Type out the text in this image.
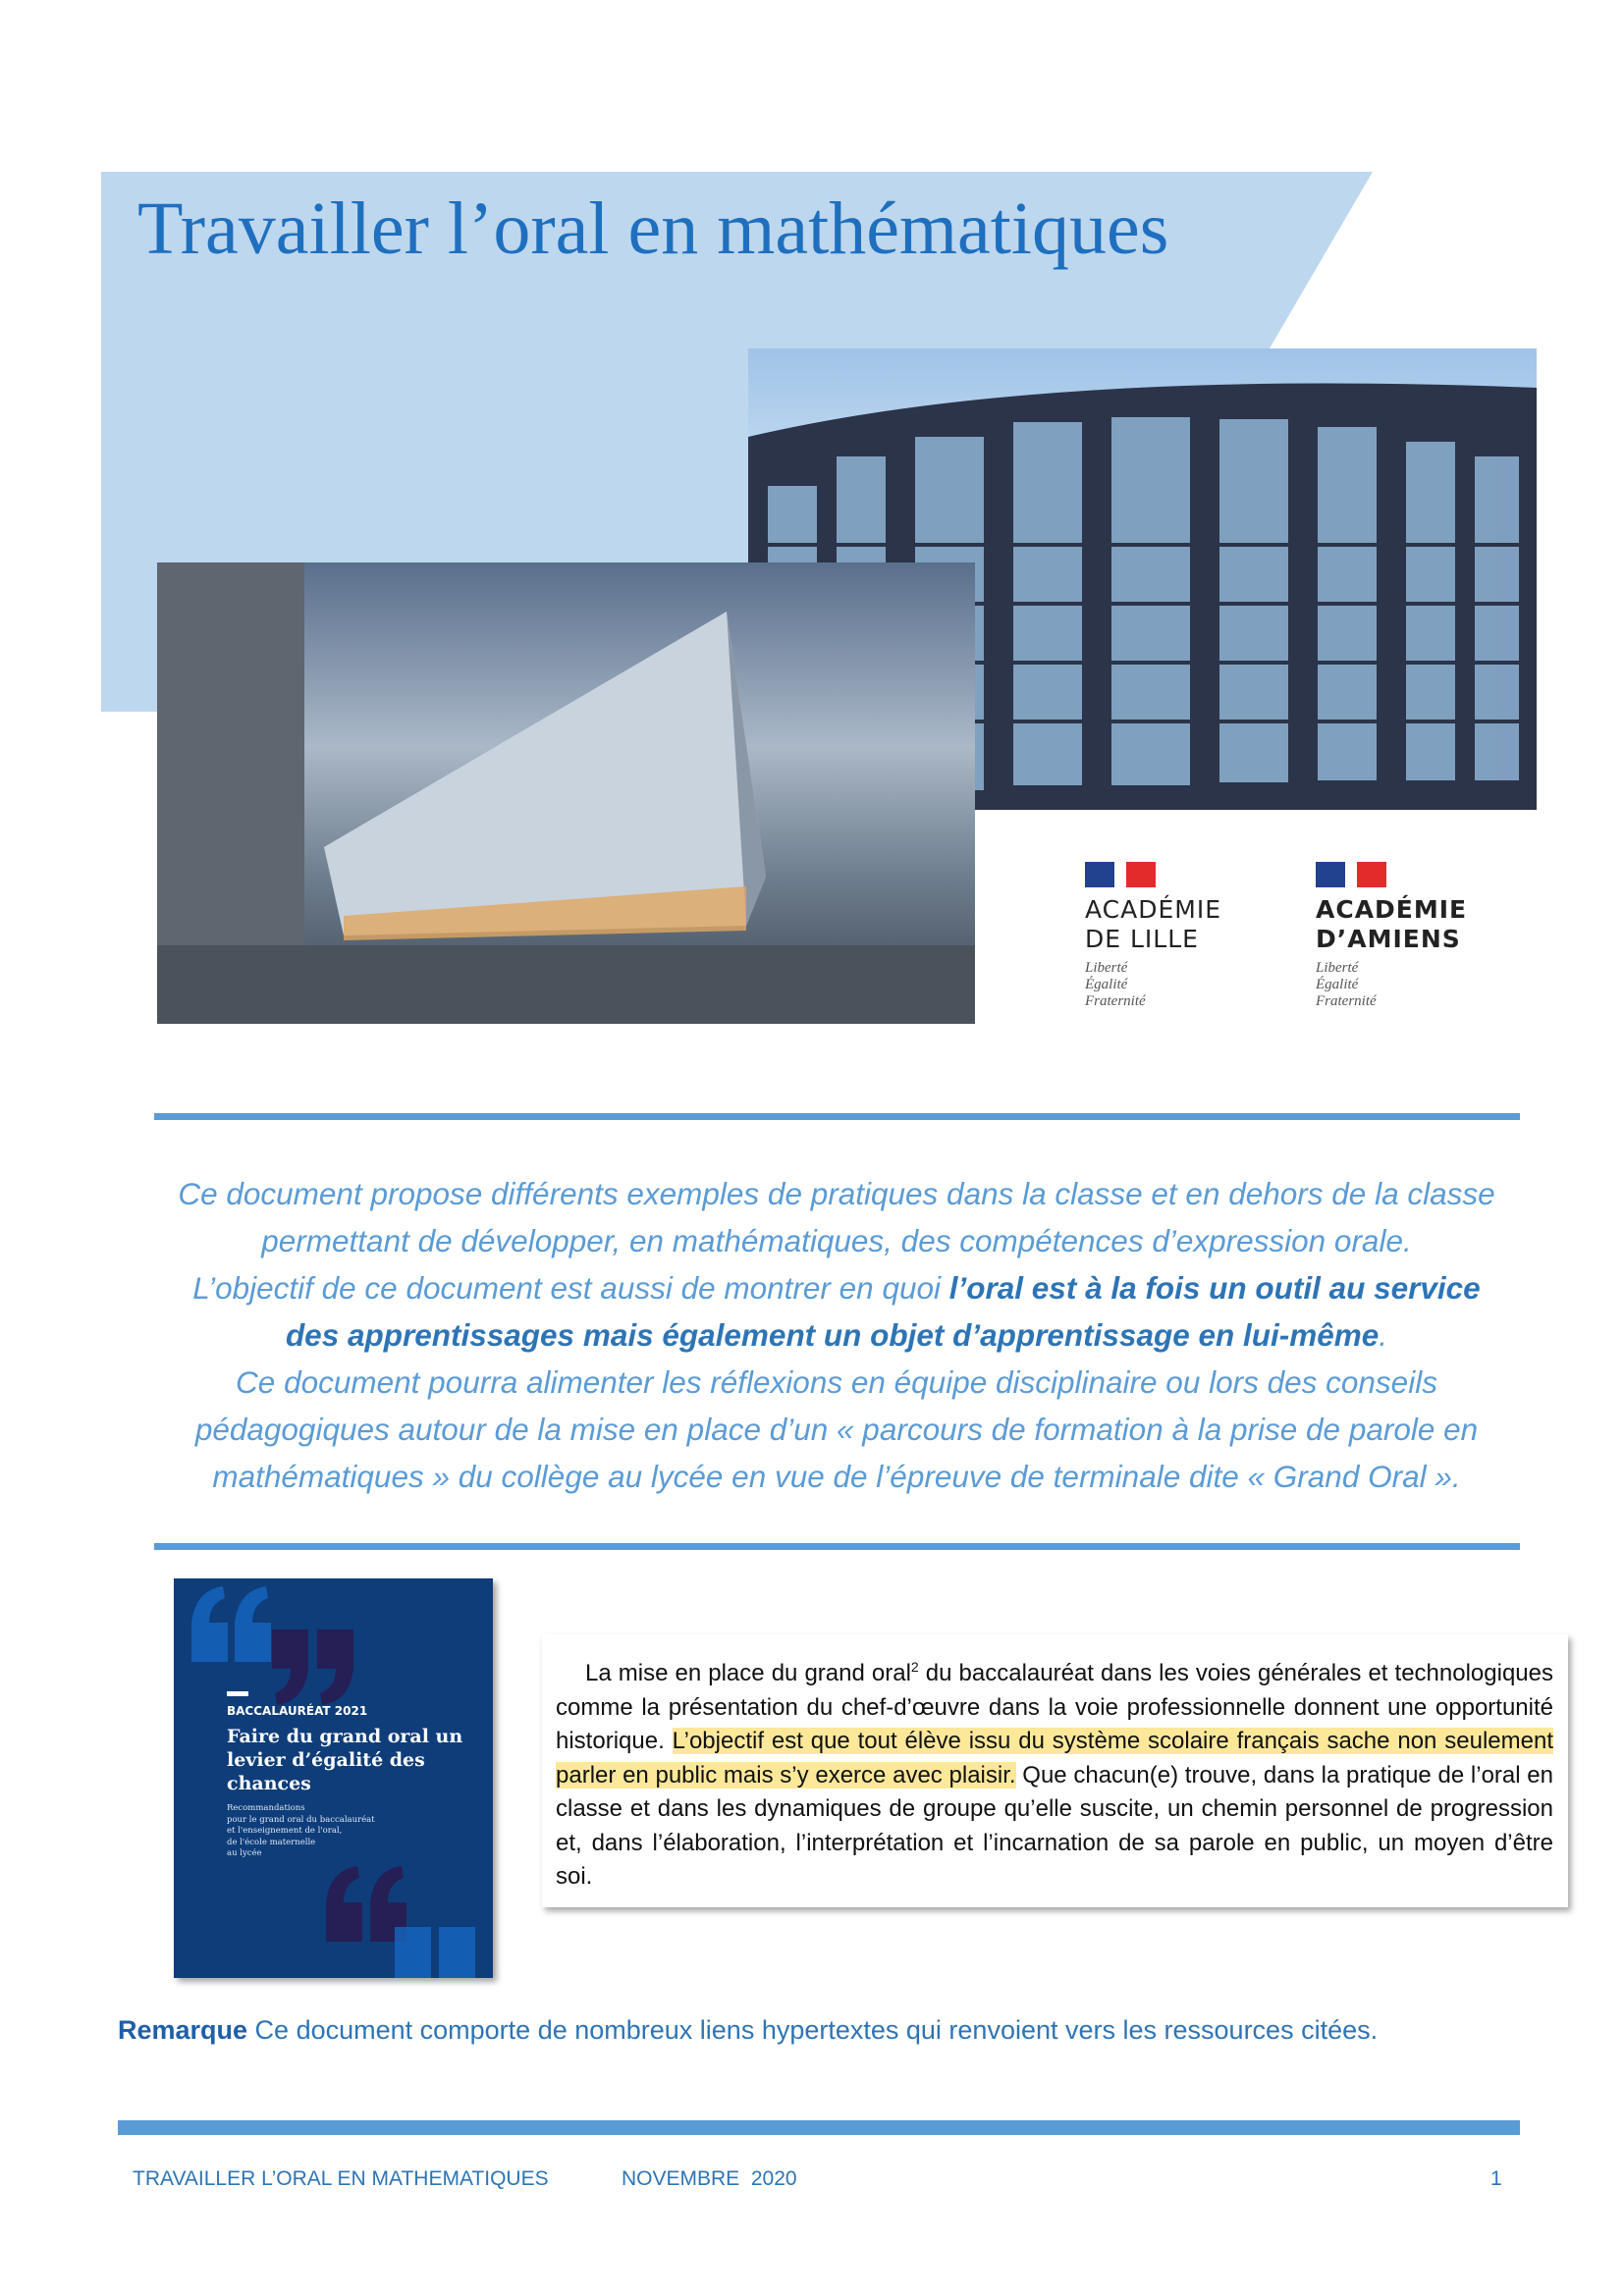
Travailler l’oral en mathématiques
ACADÉMIE
DE LILLE
Liberté
Égalité
Fraternité
ACADÉMIE
D’AMIENS
Liberté
Égalité
Fraternité
Ce document propose différents exemples de pratiques dans la classe et en dehors de la classe permettant de développer, en mathématiques, des compétences d’expression orale.
L’objectif de ce document est aussi de montrer en quoi l’oral est à la fois un outil au service des apprentissages mais également un objet d’apprentissage en lui-même.
Ce document pourra alimenter les réflexions en équipe disciplinaire ou lors des conseils pédagogiques autour de la mise en place d’un « parcours de formation à la prise de parole en mathématiques » du collège au lycée en vue de l’épreuve de terminale dite « Grand Oral ».
BACCALAURÉAT 2021
Faire du grand oral un levier d’égalité des chances
Recommandations
pour le grand oral du baccalauréat
et l'enseignement de l'oral,
de l'école maternelle
au lycée
La mise en place du grand oral$^2$ du baccalauréat dans les voies générales et technologiques comme la présentation du chef-d’œuvre dans la voie professionnelle donnent une opportunité historique. L’objectif est que tout élève issu du système scolaire français sache non seulement parler en public mais s’y exerce avec plaisir. Que chacun(e) trouve, dans la pratique de l’oral en classe et dans les dynamiques de groupe qu’elle suscite, un chemin personnel de progression et, dans l’élaboration, l’interprétation et l’incarnation de sa parole en public, un moyen d’être soi.
Remarque Ce document comporte de nombreux liens hypertextes qui renvoient vers les ressources citées.
TRAVAILLER L’ORAL EN MATHEMATIQUES	NOVEMBRE  2020	1
